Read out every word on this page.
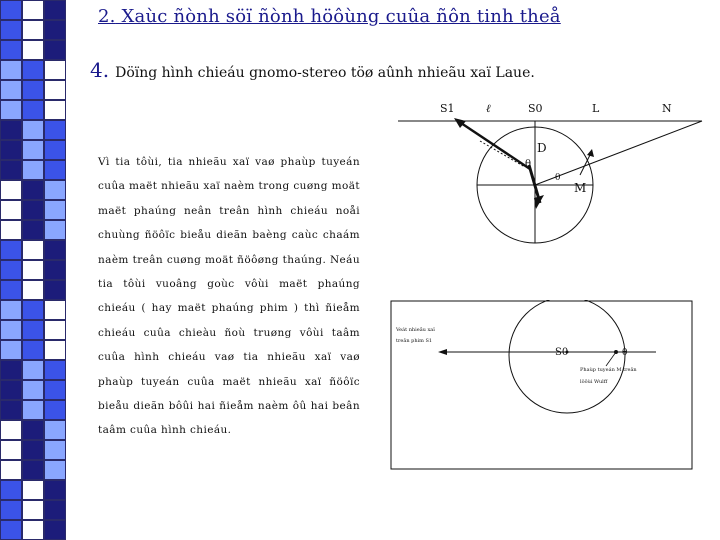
2. Xaùc ñònh söï ñònh höôùng cuûa ñôn tinh theå
4. Döïng hình chieáu gnomo-stereo töø aûnh nhieãu xaï Laue.

Vì tia tôùi, tia nhieãu xaï vaø phaùp tuyeán cuûa maët nhieãu xaï naèm trong cuøng moät maët phaúng neân treân hình chieáu noåi chuùng ñöôïc bieåu dieãn baèng caùc chaám naèm treân cuøng moät ñöôøng thaúng. Neáu tia tôùi vuoâng goùc vôùi maët phaúng chieáu ( hay maët phaúng phim ) thì ñieåm chieáu cuûa chieàu ñoù truøng vôùi taâm cuûa hình chieáu vaø tia nhieãu xaï vaø phaùp tuyeán cuûa maët nhieãu xaï ñöôïc bieåu dieãn bôûi hai ñieåm naèm ôû hai beân taâm cuûa hình chieáu.

S1	ℓ	S0	L	N
θ
D
θ
M
Veát nhieãu xaï
treân phim S1
S0	θ
Phaùp tuyeán M treân
löôùi Wulff
